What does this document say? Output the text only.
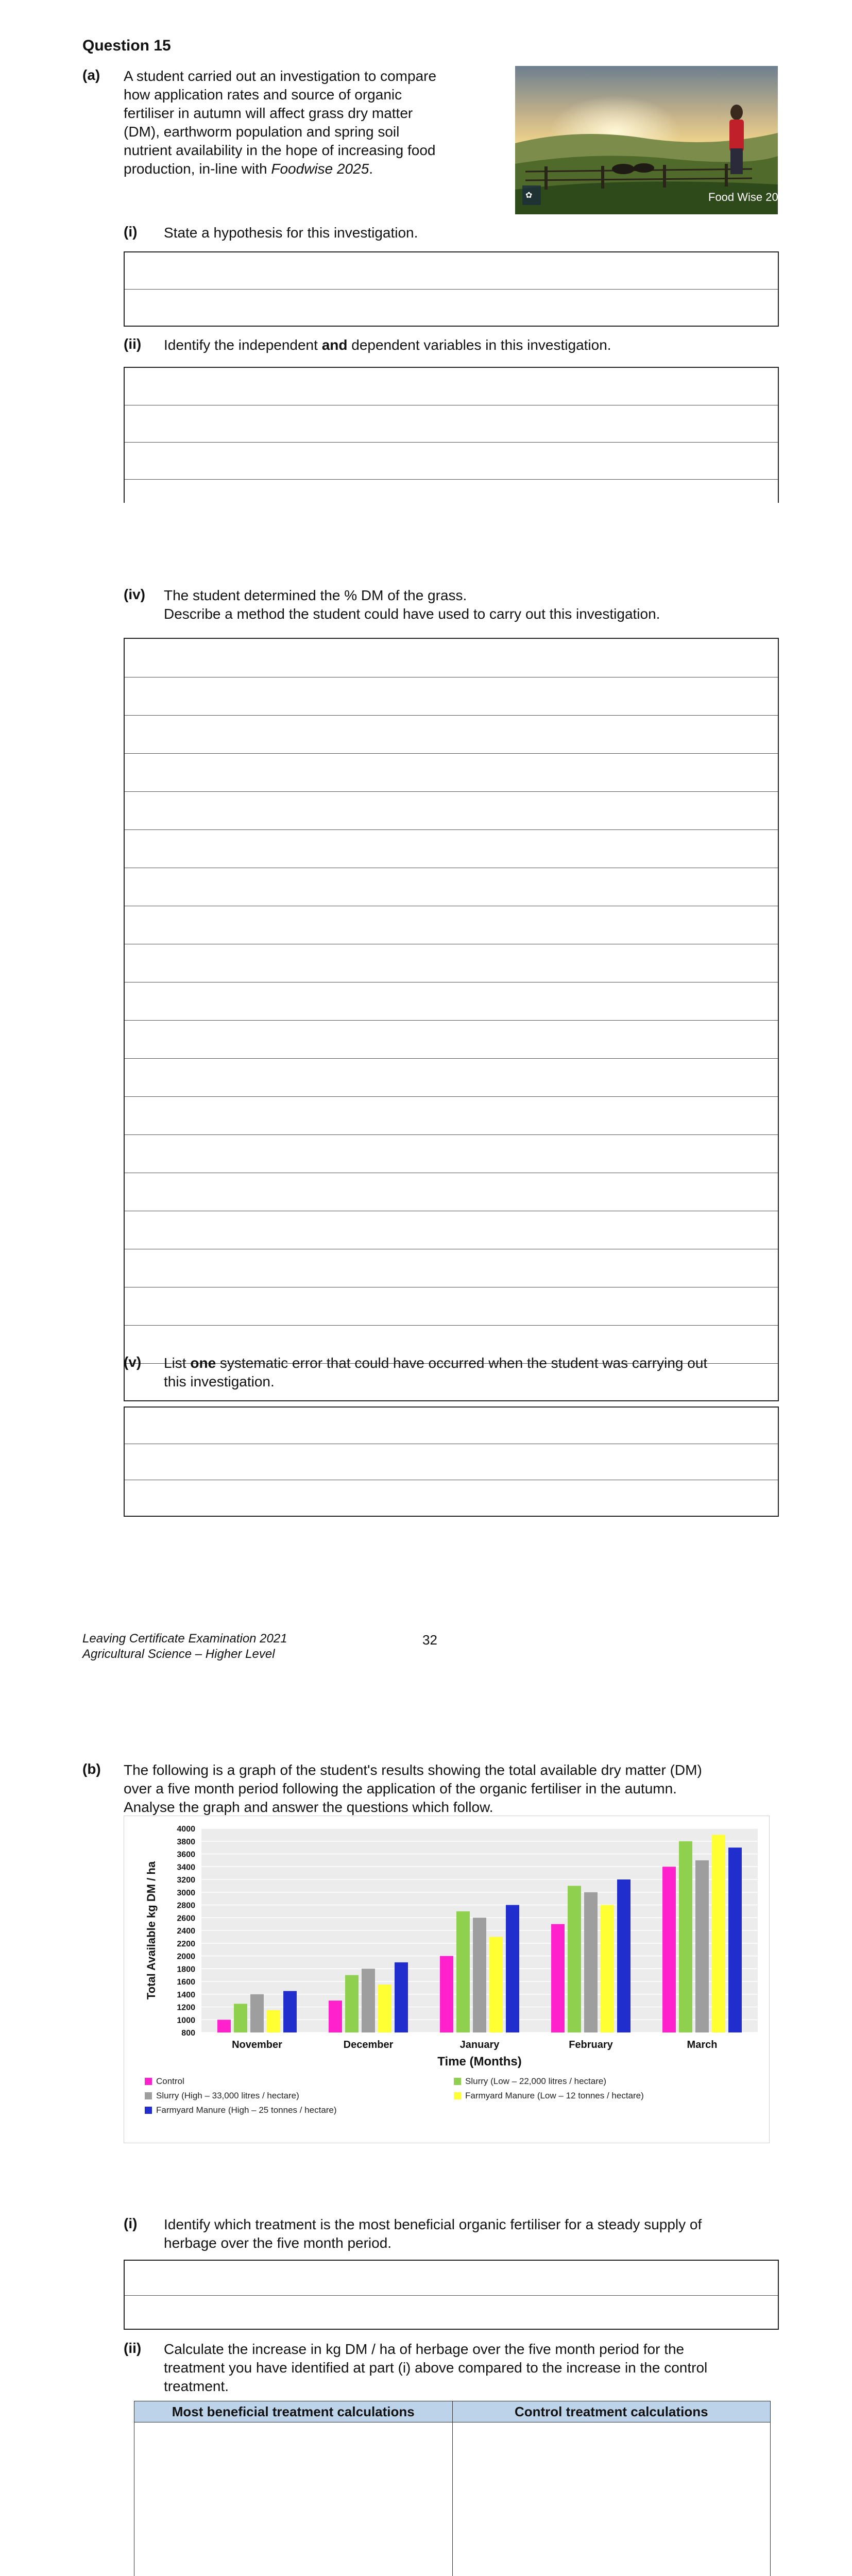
Question 15
(a) A student carried out an investigation to compare
how application rates and source of organic
fertiliser in autumn will affect grass dry matter
(DM), earthworm population and spring soil
nutrient availability in the hope of increasing food
production, in-line with Foodwise 2025.
✿	Food Wise 2025
(i) State a hypothesis for this investigation.
(ii) Identify the independent and dependent variables in this investigation.
(iv) The student determined the % DM of the grass.
Describe a method the student could have used to carry out this investigation.
(v) List one systematic error that could have occurred when the student was carrying out
this investigation.
Leaving Certificate Examination 2021
Agricultural Science – Higher Level
32
(b) The following is a graph of the student's results showing the total available dry matter (DM)
over a five month period following the application of the organic fertiliser in the autumn.
Analyse the graph and answer the questions which follow.
4000
3800
3600
3400
3200
3000
2800
2600
2400
2200
2000
1800
1600
1400
1200
1000
800
Total Available kg DM / ha
November	December	January	February	March
Time (Months)
Control	Slurry (Low – 22,000 litres / hectare)
Slurry (High – 33,000 litres / hectare)	Farmyard Manure (Low – 12 tonnes / hectare)
Farmyard Manure (High – 25 tonnes / hectare)
(i) Identify which treatment is the most beneficial organic fertiliser for a steady supply of
herbage over the five month period.
(ii) Calculate the increase in kg DM / ha of herbage over the five month period for the
treatment you have identified at part (i) above compared to the increase in the control
treatment.
Most beneficial treatment calculations	Control treatment calculations
